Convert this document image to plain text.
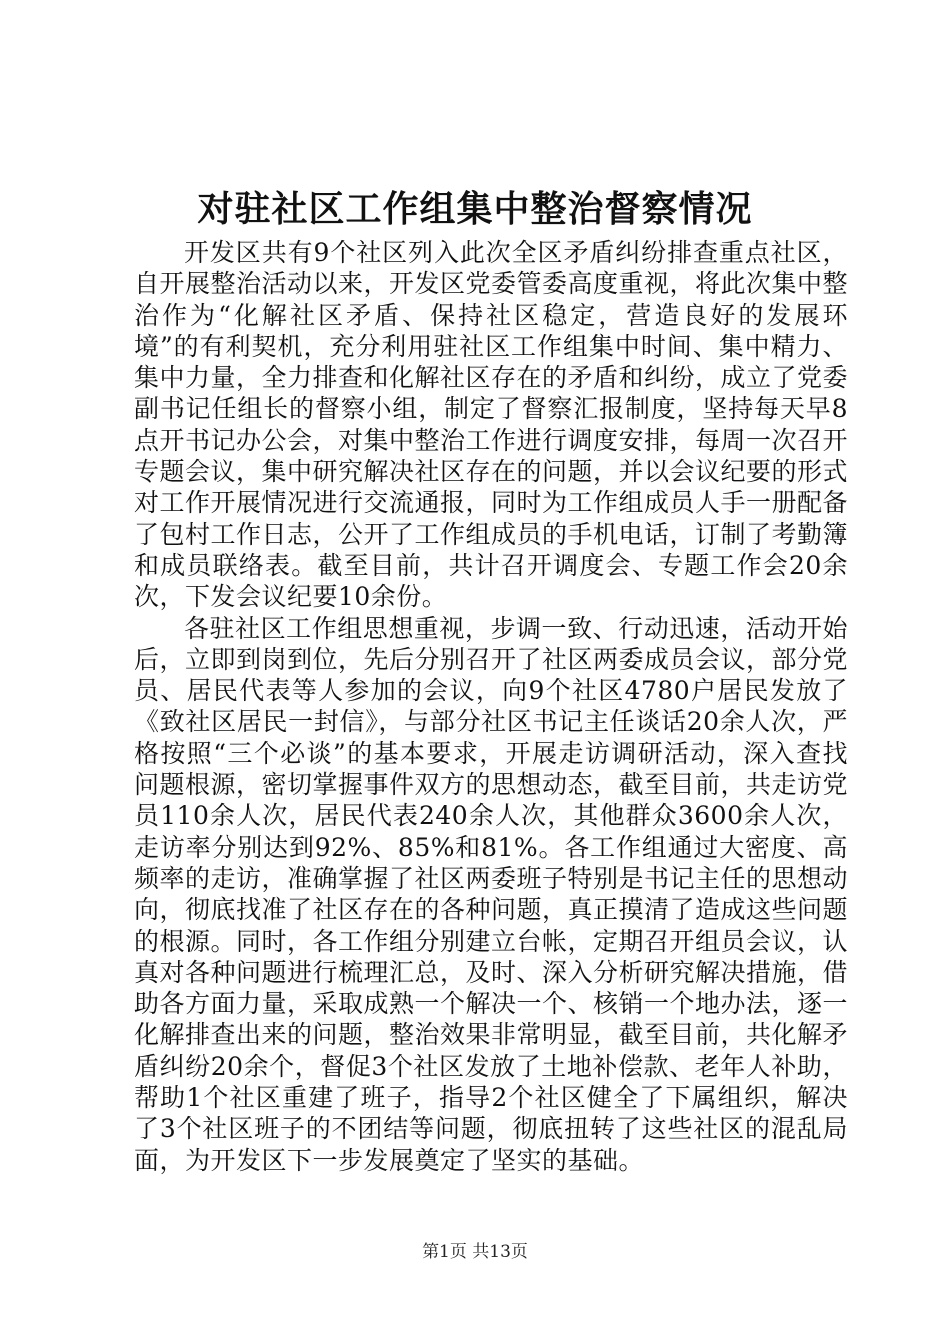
对驻社区工作组集中整治督察情况

开发区共有9个社区列入此次全区矛盾纠纷排查重点社区，自开展整治活动以来，开发区党委管委高度重视，将此次集中整治作为“化解社区矛盾、保持社区稳定，营造良好的发展环境”的有利契机，充分利用驻社区工作组集中时间、集中精力、集中力量，全力排查和化解社区存在的矛盾和纠纷，成立了党委副书记任组长的督察小组，制定了督察汇报制度，坚持每天早8点开书记办公会，对集中整治工作进行调度安排，每周一次召开专题会议，集中研究解决社区存在的问题，并以会议纪要的形式对工作开展情况进行交流通报，同时为工作组成员人手一册配备了包村工作日志，公开了工作组成员的手机电话，订制了考勤簿和成员联络表。截至目前，共计召开调度会、专题工作会20余次，下发会议纪要10余份。

各驻社区工作组思想重视，步调一致、行动迅速，活动开始后，立即到岗到位，先后分别召开了社区两委成员会议，部分党员、居民代表等人参加的会议，向9个社区4780户居民发放了《致社区居民一封信》，与部分社区书记主任谈话20余人次，严格按照“三个必谈”的基本要求，开展走访调研活动，深入查找问题根源，密切掌握事件双方的思想动态，截至目前，共走访党员110余人次，居民代表240余人次，其他群众3600余人次，走访率分别达到92%、85%和81%。各工作组通过大密度、高频率的走访，准确掌握了社区两委班子特别是书记主任的思想动向，彻底找准了社区存在的各种问题，真正摸清了造成这些问题的根源。同时，各工作组分别建立台帐，定期召开组员会议，认真对各种问题进行梳理汇总，及时、深入分析研究解决措施，借助各方面力量，采取成熟一个解决一个、核销一个地办法，逐一化解排查出来的问题，整治效果非常明显，截至目前，共化解矛盾纠纷20余个，督促3个社区发放了土地补偿款、老年人补助，帮助1个社区重建了班子，指导2个社区健全了下属组织，解决了3个社区班子的不团结等问题，彻底扭转了这些社区的混乱局面，为开发区下一步发展奠定了坚实的基础。

第1页 共13页
